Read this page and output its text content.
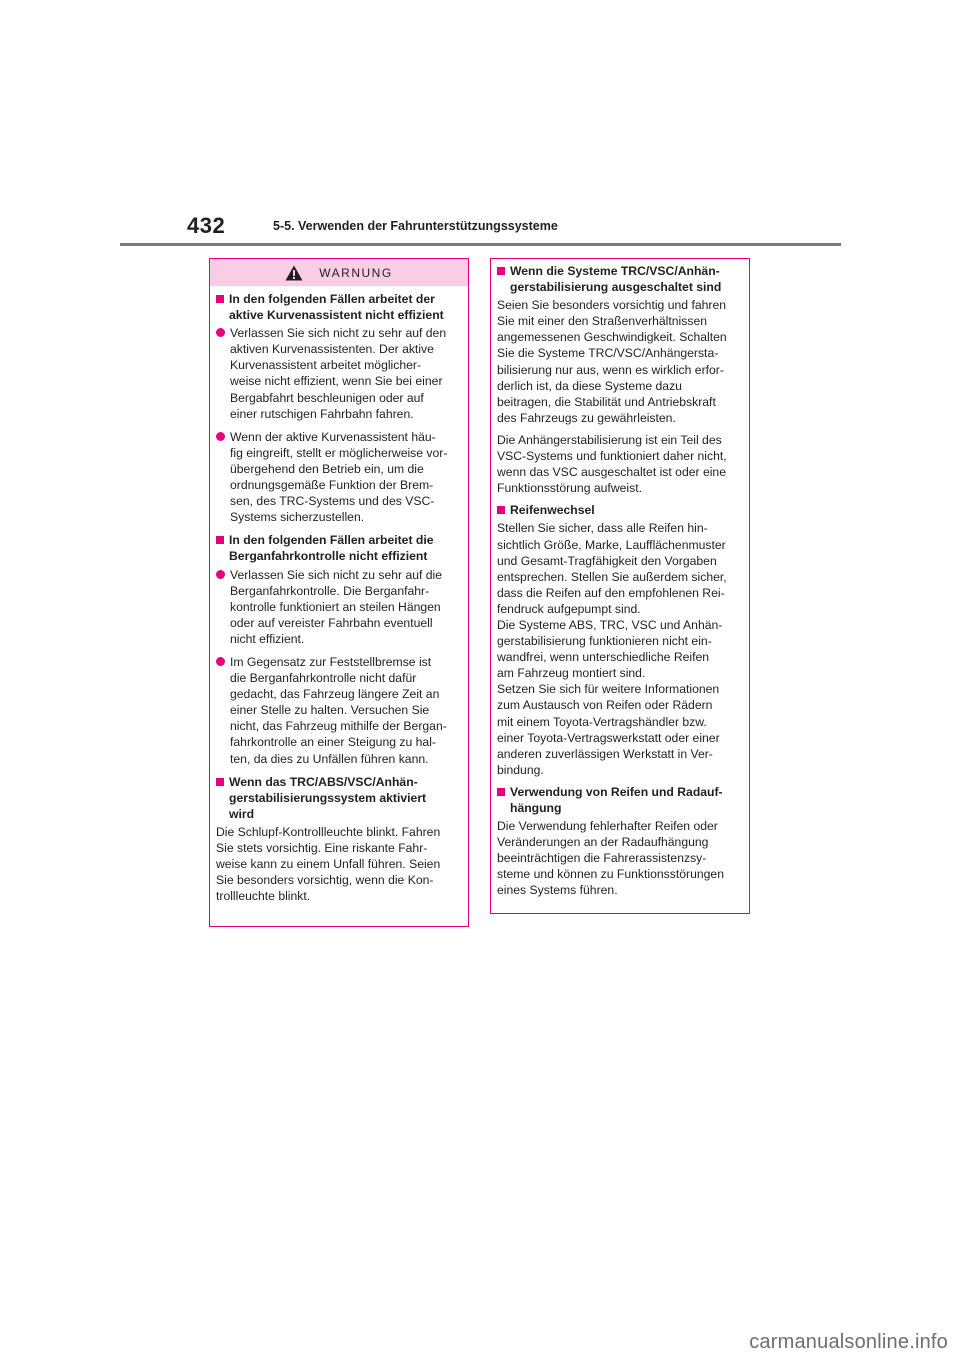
432	5-5. Verwenden der Fahrunterstützungssysteme
WARNUNG
In den folgenden Fällen arbeitet der
aktive Kurvenassistent nicht effizient
Verlassen Sie sich nicht zu sehr auf den
aktiven Kurvenassistenten. Der aktive
Kurvenassistent arbeitet möglicher-
weise nicht effizient, wenn Sie bei einer
Bergabfahrt beschleunigen oder auf
einer rutschigen Fahrbahn fahren.
Wenn der aktive Kurvenassistent häu-
fig eingreift, stellt er möglicherweise vor-
übergehend den Betrieb ein, um die
ordnungsgemäße Funktion der Brem-
sen, des TRC-Systems und des VSC-
Systems sicherzustellen.
In den folgenden Fällen arbeitet die
Berganfahrkontrolle nicht effizient
Verlassen Sie sich nicht zu sehr auf die
Berganfahrkontrolle. Die Berganfahr-
kontrolle funktioniert an steilen Hängen
oder auf vereister Fahrbahn eventuell
nicht effizient.
Im Gegensatz zur Feststellbremse ist
die Berganfahrkontrolle nicht dafür
gedacht, das Fahrzeug längere Zeit an
einer Stelle zu halten. Versuchen Sie
nicht, das Fahrzeug mithilfe der Bergan-
fahrkontrolle an einer Steigung zu hal-
ten, da dies zu Unfällen führen kann.
Wenn das TRC/ABS/VSC/Anhän-
gerstabilisierungssystem aktiviert
wird
Die Schlupf-Kontrollleuchte blinkt. Fahren
Sie stets vorsichtig. Eine riskante Fahr-
weise kann zu einem Unfall führen. Seien
Sie besonders vorsichtig, wenn die Kon-
trollleuchte blinkt.
Wenn die Systeme TRC/VSC/Anhän-
gerstabilisierung ausgeschaltet sind
Seien Sie besonders vorsichtig und fahren
Sie mit einer den Straßenverhältnissen
angemessenen Geschwindigkeit. Schalten
Sie die Systeme TRC/VSC/Anhängersta-
bilisierung nur aus, wenn es wirklich erfor-
derlich ist, da diese Systeme dazu
beitragen, die Stabilität und Antriebskraft
des Fahrzeugs zu gewährleisten.
Die Anhängerstabilisierung ist ein Teil des
VSC-Systems und funktioniert daher nicht,
wenn das VSC ausgeschaltet ist oder eine
Funktionsstörung aufweist.
Reifenwechsel
Stellen Sie sicher, dass alle Reifen hin-
sichtlich Größe, Marke, Laufflächenmuster
und Gesamt-Tragfähigkeit den Vorgaben
entsprechen. Stellen Sie außerdem sicher,
dass die Reifen auf den empfohlenen Rei-
fendruck aufgepumpt sind.
Die Systeme ABS, TRC, VSC und Anhän-
gerstabilisierung funktionieren nicht ein-
wandfrei, wenn unterschiedliche Reifen
am Fahrzeug montiert sind.
Setzen Sie sich für weitere Informationen
zum Austausch von Reifen oder Rädern
mit einem Toyota-Vertragshändler bzw.
einer Toyota-Vertragswerkstatt oder einer
anderen zuverlässigen Werkstatt in Ver-
bindung.
Verwendung von Reifen und Radauf-
hängung
Die Verwendung fehlerhafter Reifen oder
Veränderungen an der Radaufhängung
beeinträchtigen die Fahrerassistenzsy-
steme und können zu Funktionsstörungen
eines Systems führen.
carmanualsonline.info
